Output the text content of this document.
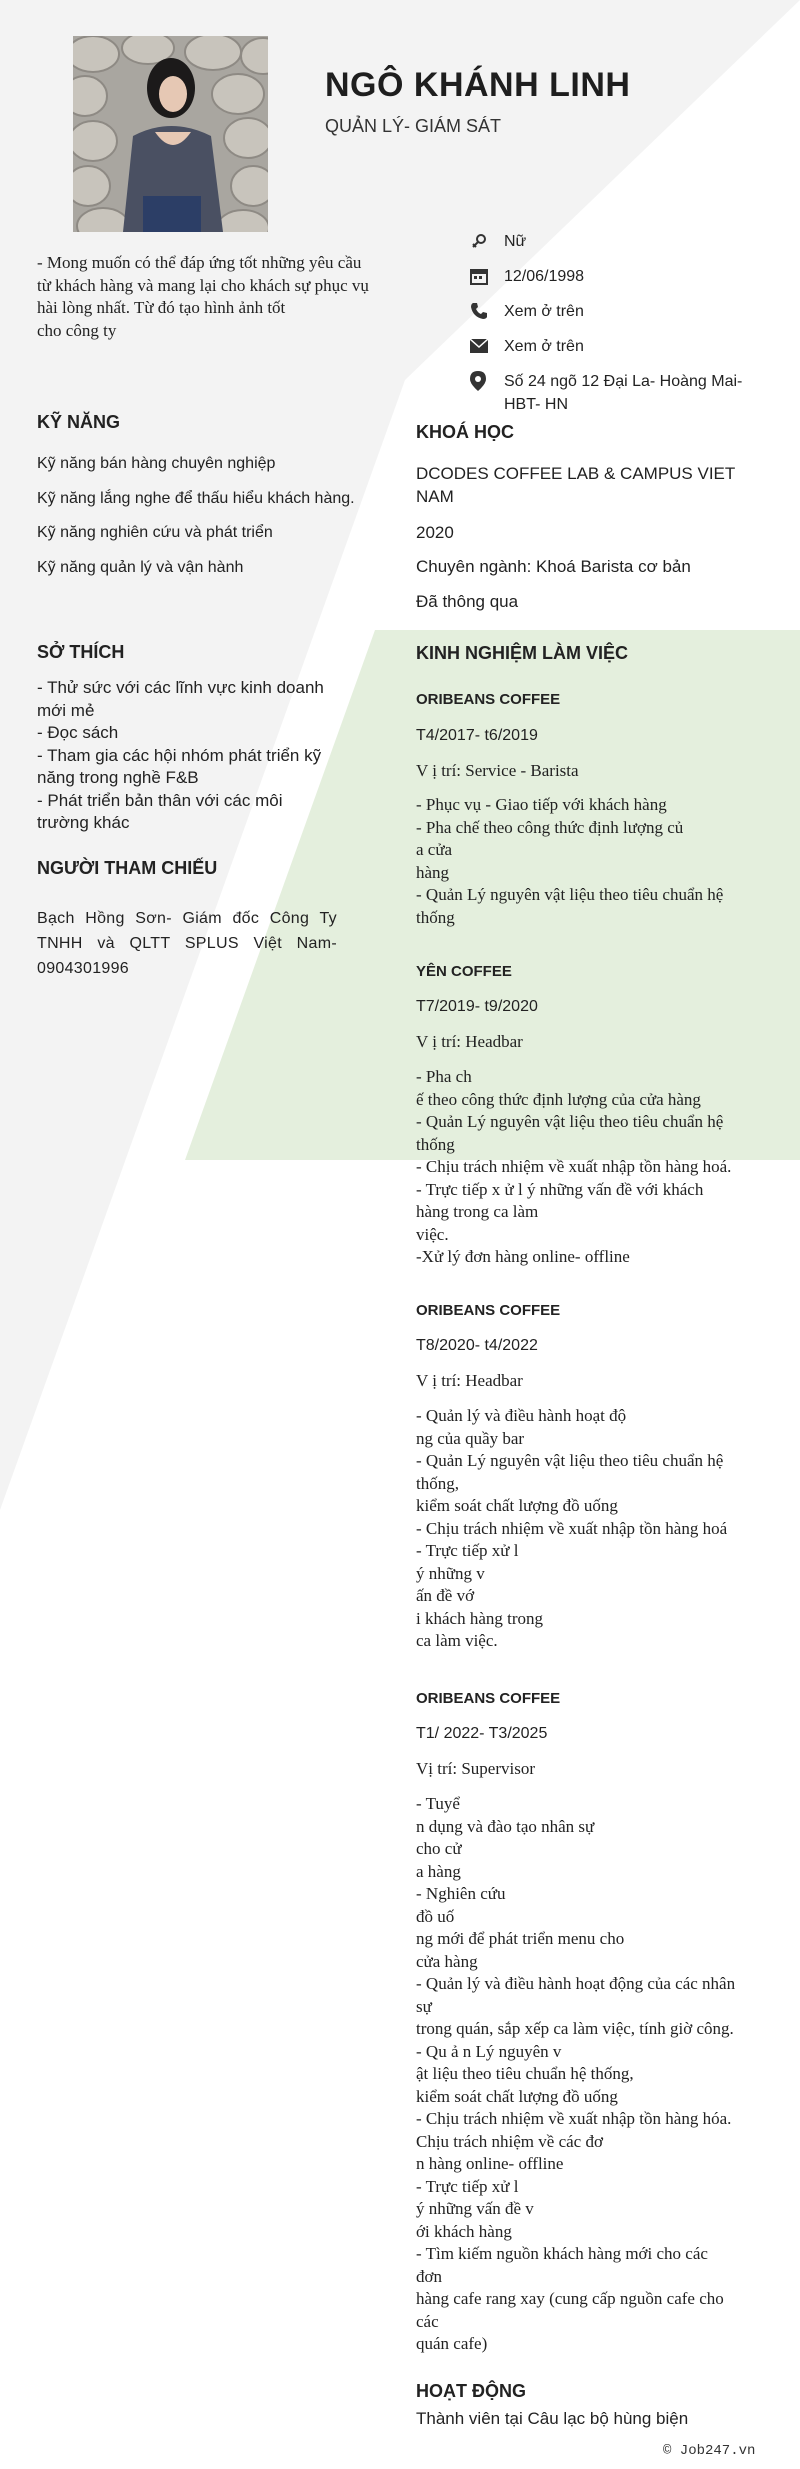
NGÔ KHÁNH LINH
QUẢN LÝ- GIÁM SÁT
- Mong muốn có thể đáp ứng tốt những yêu cầu
từ khách hàng và mang lại cho khách sự phục vụ
hài lòng nhất. Từ đó tạo hình ảnh tốt
cho công ty
Nữ
12/06/1998
Xem ở trên
Xem ở trên
Số 24 ngõ 12 Đại La- Hoàng Mai- HBT- HN
KỸ NĂNG
Kỹ năng bán hàng chuyên nghiệp
Kỹ năng lắng nghe để thấu hiểu khách hàng.
Kỹ năng nghiên cứu và phát triển
Kỹ năng quản lý và vận hành
SỞ THÍCH
- Thử sức với các lĩnh vực kinh doanh
mới mẻ
- Đọc sách
- Tham gia các hội nhóm phát triển kỹ
năng trong nghề F&B
- Phát triển bản thân với các môi
trường khác
NGƯỜI THAM CHIẾU
Bạch Hồng Sơn- Giám đốc Công Ty TNHH và QLTT SPLUS Việt Nam- 0904301996
KHOÁ HỌC
DCODES COFFEE LAB & CAMPUS VIET
NAM
2020
Chuyên ngành: Khoá Barista cơ bản
Đã thông qua
KINH NGHIỆM LÀM VIỆC
ORIBEANS COFFEE
T4/2017- t6/2019
V ị trí: Service - Barista
- Phục vụ - Giao tiếp với khách hàng
- Pha chế theo công thức định lượng củ
a cửa
hàng
- Quản Lý nguyên vật liệu theo tiêu chuẩn hệ
thống
YÊN COFFEE
T7/2019- t9/2020
V ị trí: Headbar
- Pha ch
ế theo công thức định lượng của cửa hàng
- Quản Lý nguyên vật liệu theo tiêu chuẩn hệ
thống
- Chịu trách nhiệm về xuất nhập tồn hàng hoá.
- Trực tiếp x ử l ý những vấn đề với khách
hàng trong ca làm
việc.
-Xử lý đơn hàng online- offline
ORIBEANS COFFEE
T8/2020- t4/2022
V ị trí: Headbar
- Quản lý và điều hành hoạt độ
ng của quầy bar
- Quản Lý nguyên vật liệu theo tiêu chuẩn hệ
thống,
kiểm soát chất lượng đồ uống
- Chịu trách nhiệm về xuất nhập tồn hàng hoá
- Trực tiếp xử l
ý những v
ấn đề vớ
i khách hàng trong
ca làm việc.
ORIBEANS COFFEE
T1/ 2022- T3/2025
Vị trí: Supervisor
- Tuyể
n dụng và đào tạo nhân sự
cho cử
a hàng
- Nghiên cứu
đồ uố
ng mới để phát triển menu cho
cửa hàng
- Quản lý và điều hành hoạt động của các nhân
sự
trong quán, sắp xếp ca làm việc, tính giờ công.
- Qu ả n Lý nguyên v
ật liệu theo tiêu chuẩn hệ thống,
kiểm soát chất lượng đồ uống
- Chịu trách nhiệm về xuất nhập tồn hàng hóa.
Chịu trách nhiệm về các đơ
n hàng online- offline
- Trực tiếp xử l
ý những vấn đề v
ới khách hàng
- Tìm kiếm nguồn khách hàng mới cho các
đơn
hàng cafe rang xay (cung cấp nguồn cafe cho
các
quán cafe)
HOẠT ĐỘNG
Thành viên tại Câu lạc bộ hùng biện
© Job247.vn
